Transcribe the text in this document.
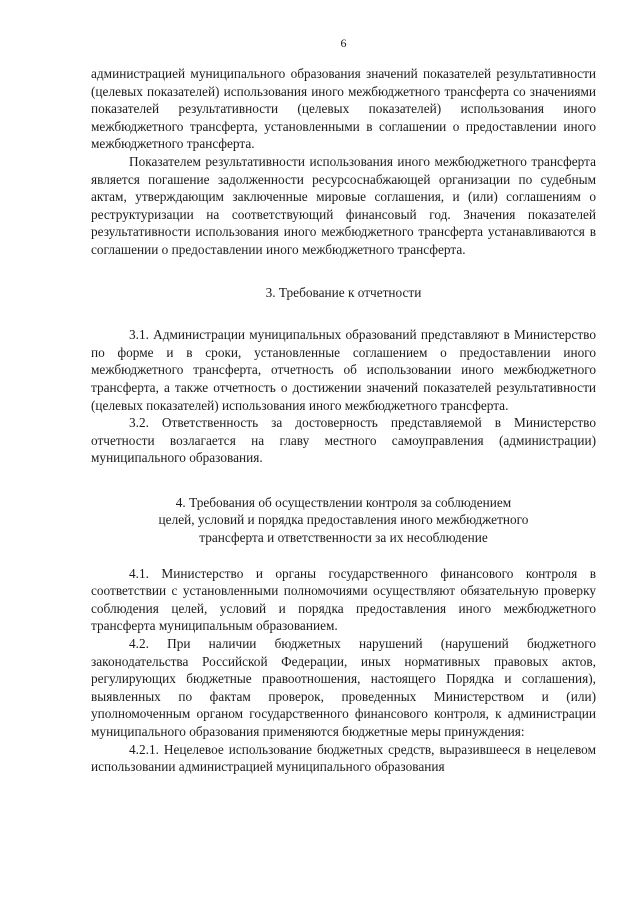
6

администрацией муниципального образования значений показателей результативности (целевых показателей) использования иного межбюджетного трансферта со значениями показателей результативности (целевых показателей) использования иного межбюджетного трансферта, установленными в соглашении о предоставлении иного межбюджетного трансферта.

Показателем результативности использования иного межбюджетного трансферта является погашение задолженности ресурсоснабжающей организации по судебным актам, утверждающим заключенные мировые соглашения, и (или) соглашениям о реструктуризации на соответствующий финансовый год. Значения показателей результативности использования иного межбюджетного трансферта устанавливаются в соглашении о предоставлении иного межбюджетного трансферта.

3. Требование к отчетности

3.1. Администрации муниципальных образований представляют в Министерство по форме и в сроки, установленные соглашением о предоставлении иного межбюджетного трансферта, отчетность об использовании иного межбюджетного трансферта, а также отчетность о достижении значений показателей результативности (целевых показателей) использования иного межбюджетного трансферта.

3.2. Ответственность за достоверность представляемой в Министерство отчетности возлагается на главу местного самоуправления (администрации) муниципального образования.

4. Требования об осуществлении контроля за соблюдением
целей, условий и порядка предоставления иного межбюджетного
трансферта и ответственности за их несоблюдение

4.1. Министерство и органы государственного финансового контроля в соответствии с установленными полномочиями осуществляют обязательную проверку соблюдения целей, условий и порядка предоставления иного межбюджетного трансферта муниципальным образованием.

4.2. При наличии бюджетных нарушений (нарушений бюджетного законодательства Российской Федерации, иных нормативных правовых актов, регулирующих бюджетные правоотношения, настоящего Порядка и соглашения), выявленных по фактам проверок, проведенных Министерством и (или) уполномоченным органом государственного финансового контроля, к администрации муниципального образования применяются бюджетные меры принуждения:

4.2.1. Нецелевое использование бюджетных средств, выразившееся в нецелевом использовании администрацией муниципального образования
